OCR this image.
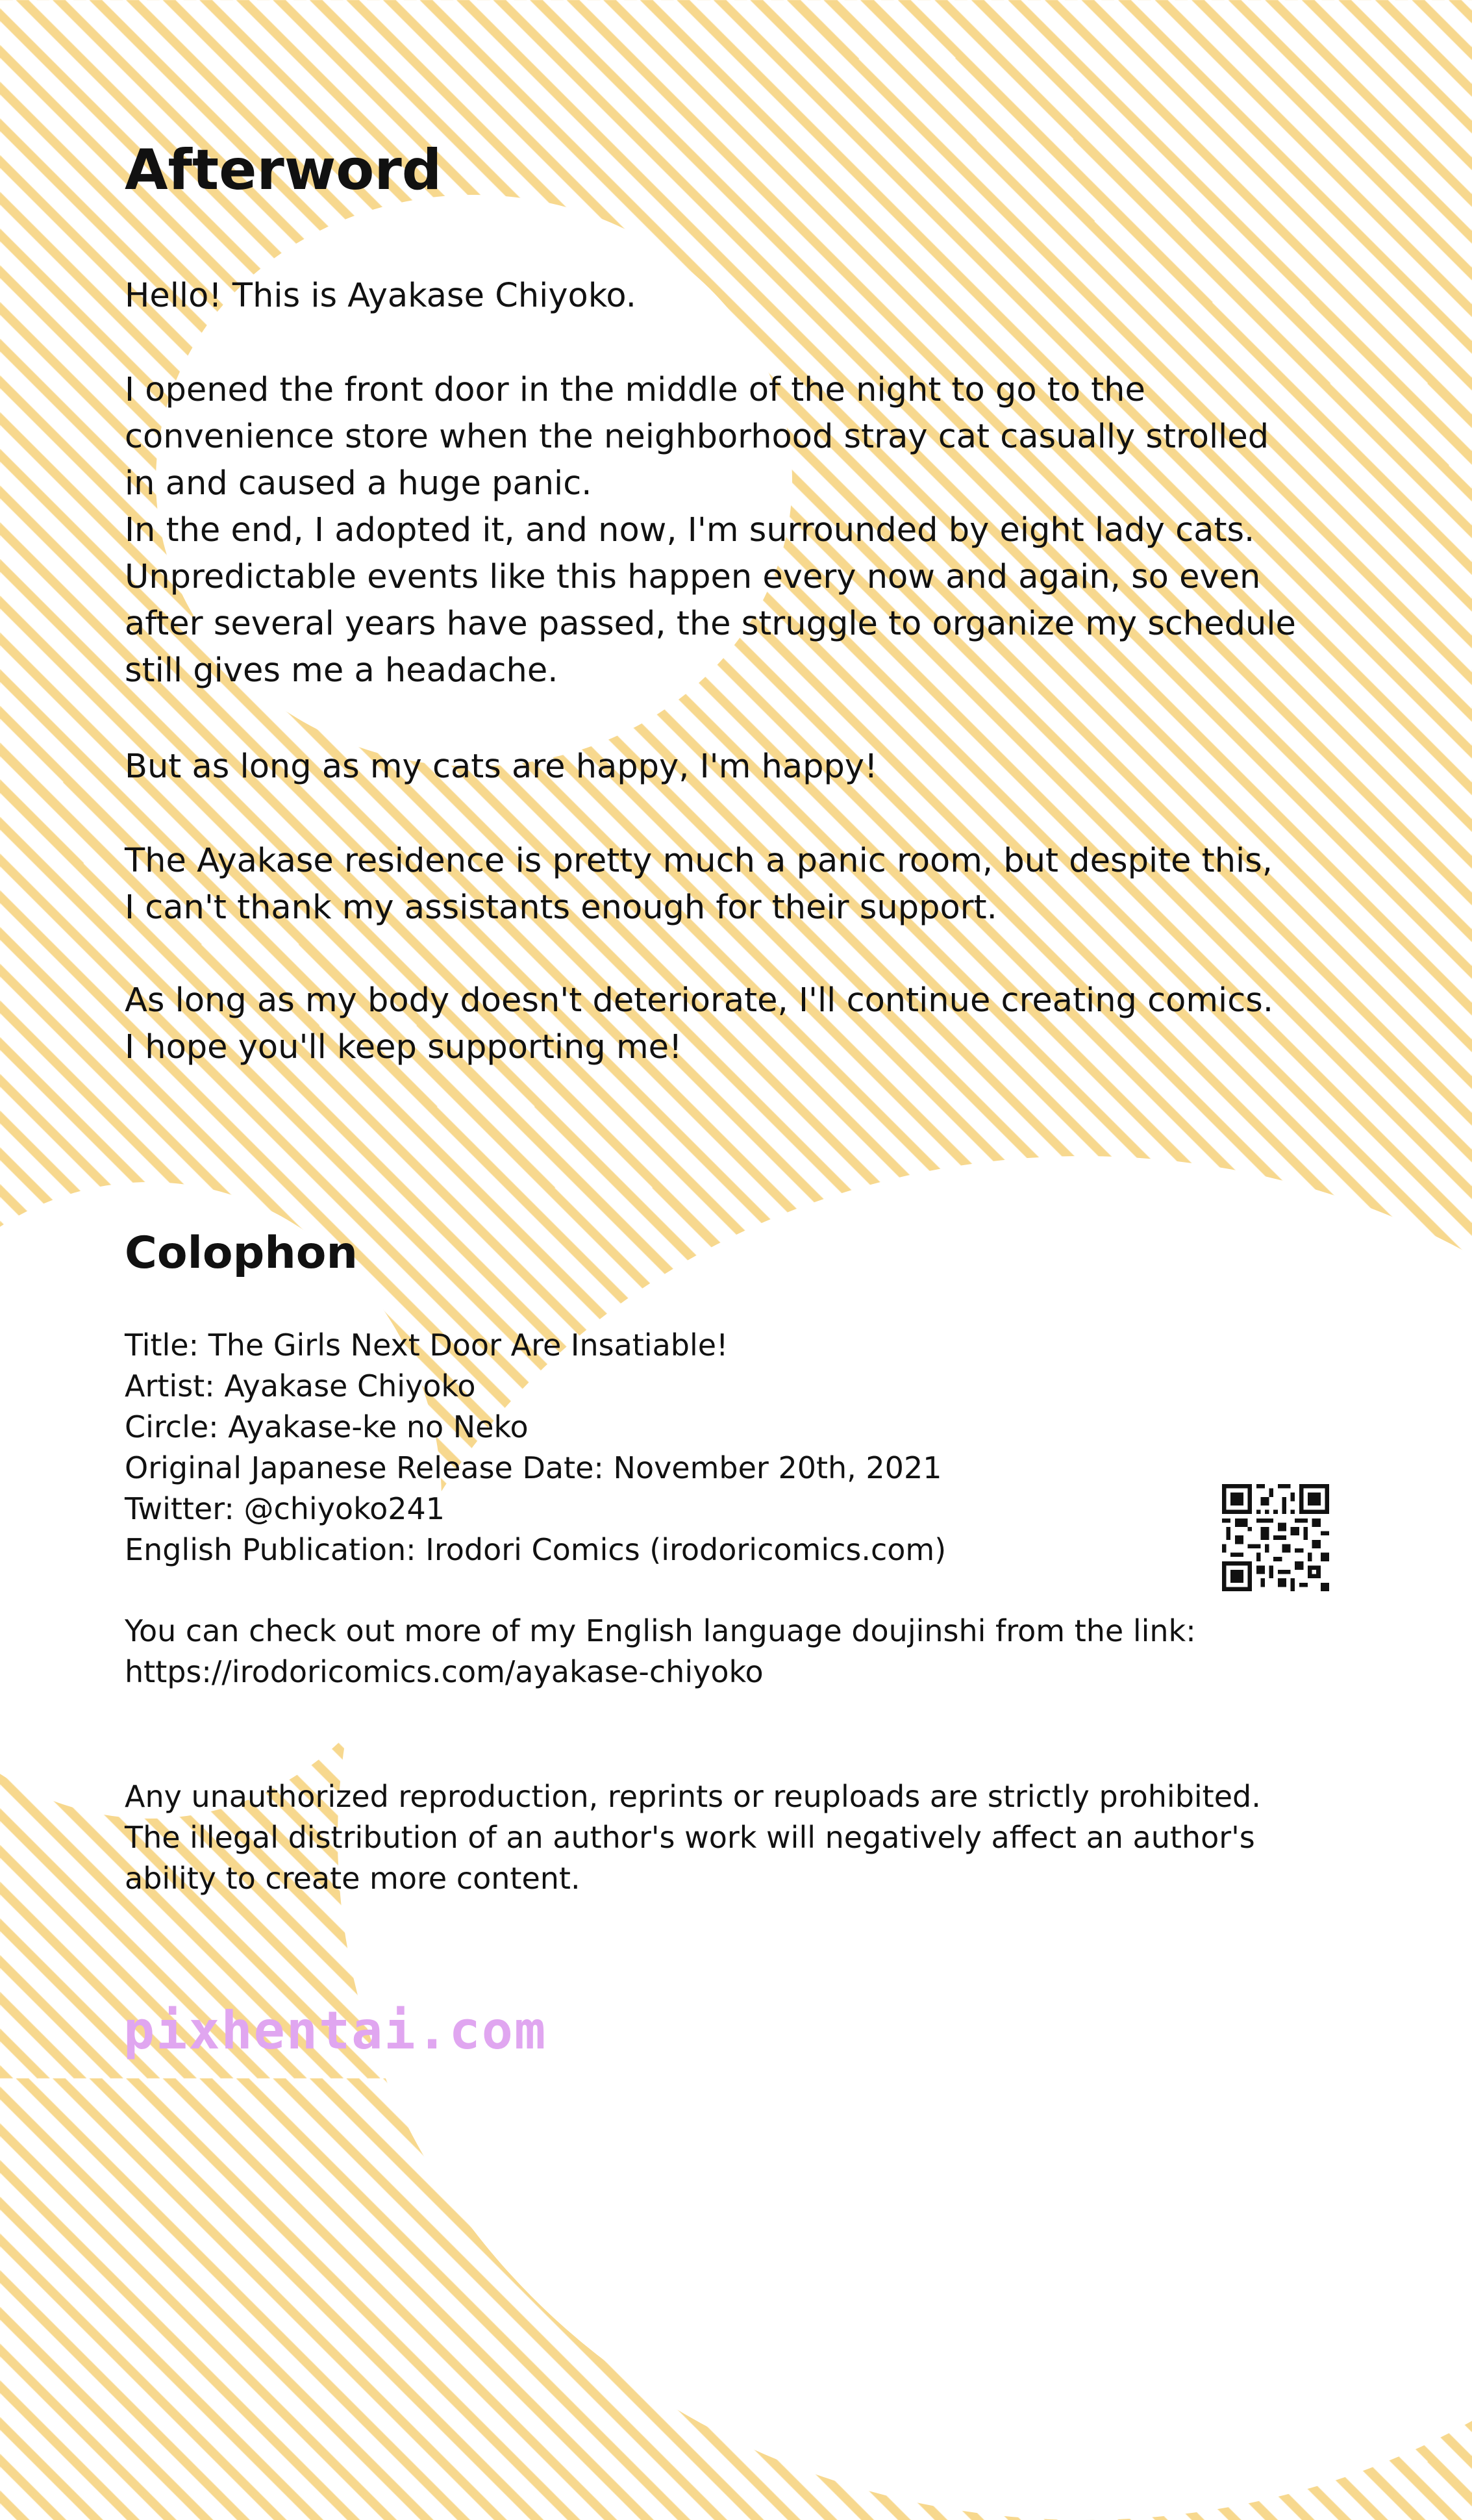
Afterword

Hello! This is Ayakase Chiyoko.

I opened the front door in the middle of the night to go to the
convenience store when the neighborhood stray cat casually strolled
in and caused a huge panic.
In the end, I adopted it, and now, I'm surrounded by eight lady cats.
Unpredictable events like this happen every now and again, so even
after several years have passed, the struggle to organize my schedule
still gives me a headache.

But as long as my cats are happy, I'm happy!

The Ayakase residence is pretty much a panic room, but despite this,
I can't thank my assistants enough for their support.

As long as my body doesn't deteriorate, I'll continue creating comics.
I hope you'll keep supporting me!

Colophon

Title: The Girls Next Door Are Insatiable!

Artist: Ayakase Chiyoko

Circle: Ayakase-ke no Neko

Original Japanese Release Date: November 20th, 2021

Twitter: @chiyoko241

English Publication: Irodori Comics (irodoricomics.com)

You can check out more of my English language doujinshi from the link:

https://irodoricomics.com/ayakase-chiyoko

Any unauthorized reproduction, reprints or reuploads are strictly prohibited.

The illegal distribution of an author's work will negatively affect an author's

ability to create more content.

pixhentai.com
